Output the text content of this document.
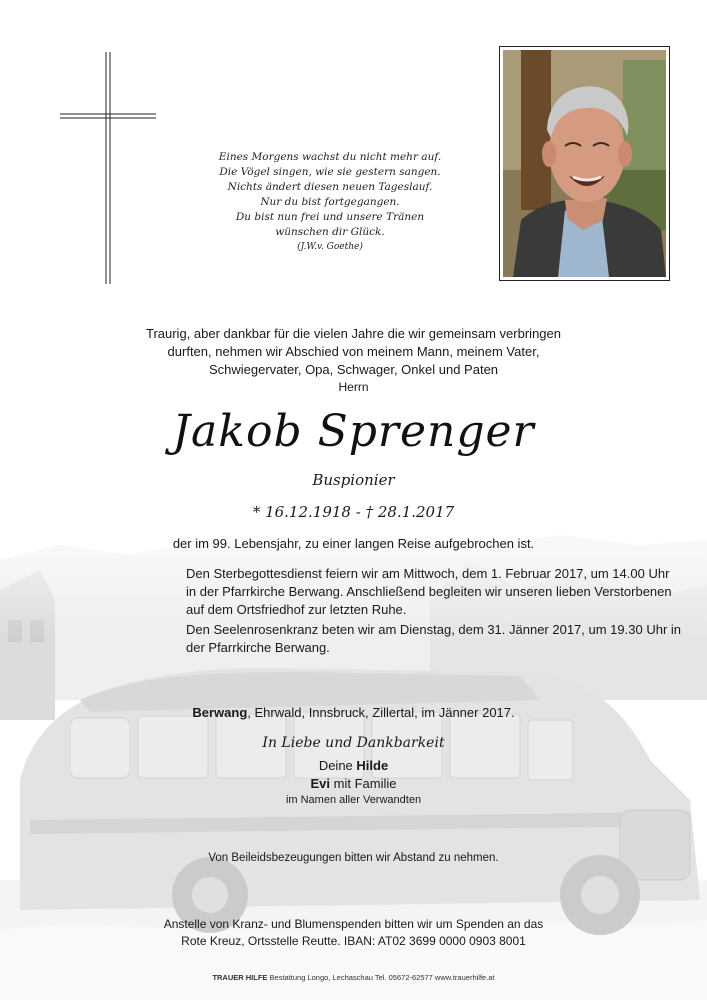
Eines Morgens wachst du nicht mehr auf.
Die Vögel singen, wie sie gestern sangen.
Nichts ändert diesen neuen Tageslauf.
Nur du bist fortgegangen.
Du bist nun frei und unsere Tränen
wünschen dir Glück.
(J.W.v. Goethe)
Traurig, aber dankbar für die vielen Jahre die wir gemeinsam verbringen
durften, nehmen wir Abschied von meinem Mann, meinem Vater,
Schwiegervater, Opa, Schwager, Onkel und Paten
Herrn
Jakob Sprenger
Buspionier
* 16.12.1918 - † 28.1.2017
der im 99. Lebensjahr, zu einer langen Reise aufgebrochen ist.
Den Sterbegottesdienst feiern wir am Mittwoch, dem 1. Februar 2017, um 14.00 Uhr
in der Pfarrkirche Berwang. Anschließend begleiten wir unseren lieben Verstorbenen
auf dem Ortsfriedhof zur letzten Ruhe.
Den Seelenrosenkranz beten wir am Dienstag, dem 31. Jänner 2017, um 19.30 Uhr in
der Pfarrkirche Berwang.
Berwang, Ehrwald, Innsbruck, Zillertal, im Jänner 2017.
In Liebe und Dankbarkeit
Deine Hilde
Evi mit Familie
im Namen aller Verwandten
Von Beileidsbezeugungen bitten wir Abstand zu nehmen.
Anstelle von Kranz- und Blumenspenden bitten wir um Spenden an das
Rote Kreuz, Ortsstelle Reutte. IBAN: AT02 3699 0000 0903 8001
TRAUER HILFE Bestattung Longo, Lechaschau Tel. 05672-62577 www.trauerhilfe.at
